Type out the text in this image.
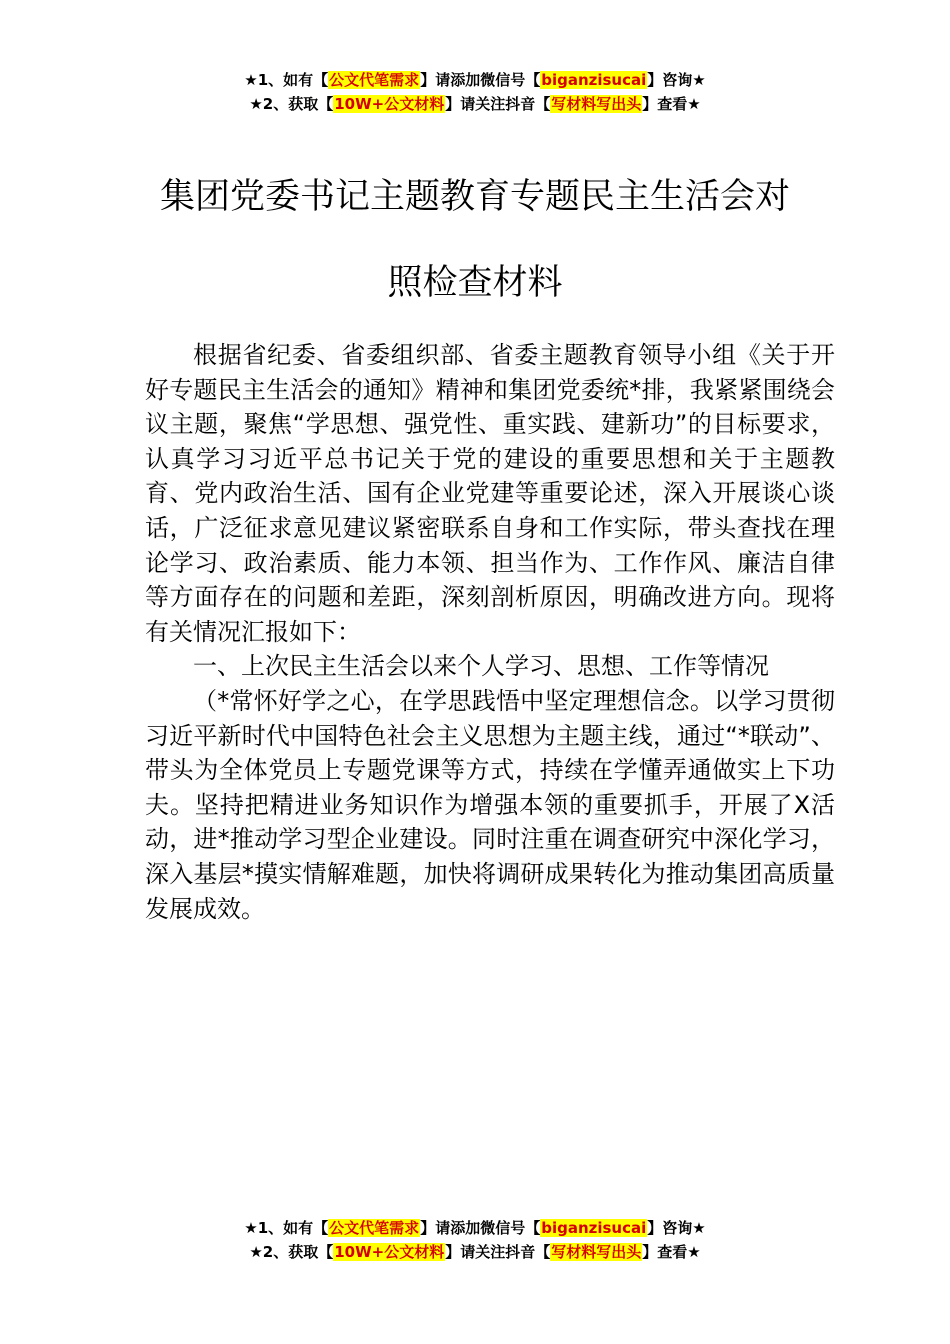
★1、如有【公文代笔需求】请添加微信号【biganzisucai】咨询★
★2、获取【10W+公文材料】请关注抖音【写材料写出头】查看★
集团党委书记主题教育专题民主生活会对
照检查材料

根据省纪委、省委组织部、省委主题教育领导小组《关于开好专题民主生活会的通知》精神和集团党委统*排，我紧紧围绕会议主题，聚焦“学思想、强党性、重实践、建新功”的目标要求，认真学习习近平总书记关于党的建设的重要思想和关于主题教育、党内政治生活、国有企业党建等重要论述，深入开展谈心谈话，广泛征求意见建议紧密联系自身和工作实际，带头查找在理论学习、政治素质、能力本领、担当作为、工作作风、廉洁自律等方面存在的问题和差距，深刻剖析原因，明确改进方向。现将有关情况汇报如下：

一、上次民主生活会以来个人学习、思想、工作等情况

（*常怀好学之心，在学思践悟中坚定理想信念。以学习贯彻习近平新时代中国特色社会主义思想为主题主线，通过“*联动”、带头为全体党员上专题党课等方式，持续在学懂弄通做实上下功夫。坚持把精进业务知识作为增强本领的重要抓手，开展了X活动，进*推动学习型企业建设。同时注重在调查研究中深化学习，深入基层*摸实情解难题，加快将调研成果转化为推动集团高质量发展成效。

★1、如有【公文代笔需求】请添加微信号【biganzisucai】咨询★
★2、获取【10W+公文材料】请关注抖音【写材料写出头】查看★
